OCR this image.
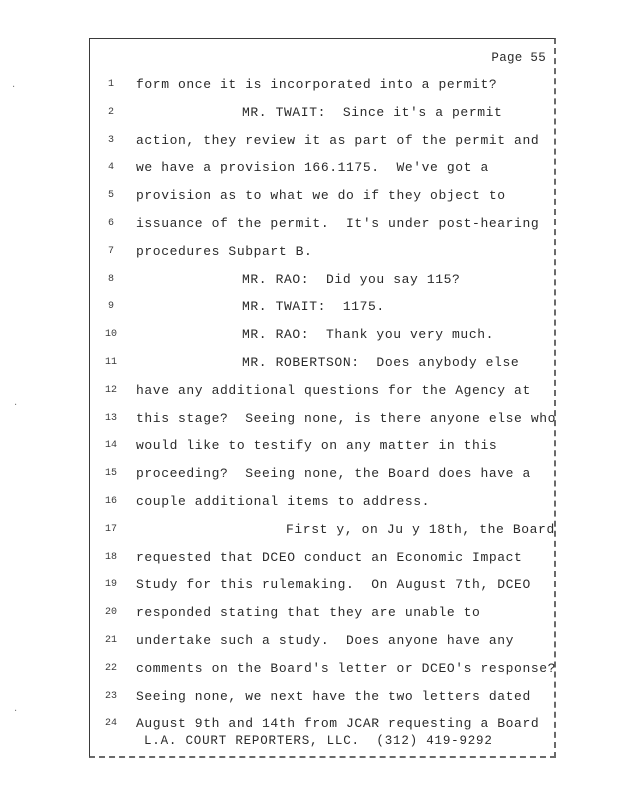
Page 55
1	form once it is incorporated into a permit?
2	MR. TWAIT:  Since it's a permit
3	action, they review it as part of the permit and
4	we have a provision 166.1175.  We've got a
5	provision as to what we do if they object to
6	issuance of the permit.  It's under post-hearing
7	procedures Subpart B.
8	MR. RAO:  Did you say 115?
9	MR. TWAIT:  1175.
10	MR. RAO:  Thank you very much.
11	MR. ROBERTSON:  Does anybody else
12 have any additional questions for the Agency at
13 this stage?  Seeing none, is there anyone else who
14 would like to testify on any matter in this
15 proceeding?  Seeing none, the Board does have a
16 couple additional items to address.
17	First y, on Ju y 18th, the Board
18 requested that DCEO conduct an Economic Impact
19 Study for this rulemaking.  On August 7th, DCEO
20 responded stating that they are unable to
21 undertake such a study.  Does anyone have any
22 comments on the Board's letter or DCEO's response?
23 Seeing none, we next have the two letters dated
24 August 9th and 14th from JCAR requesting a Board
L.A. COURT REPORTERS, LLC.  (312) 419-9292
·
·
·
